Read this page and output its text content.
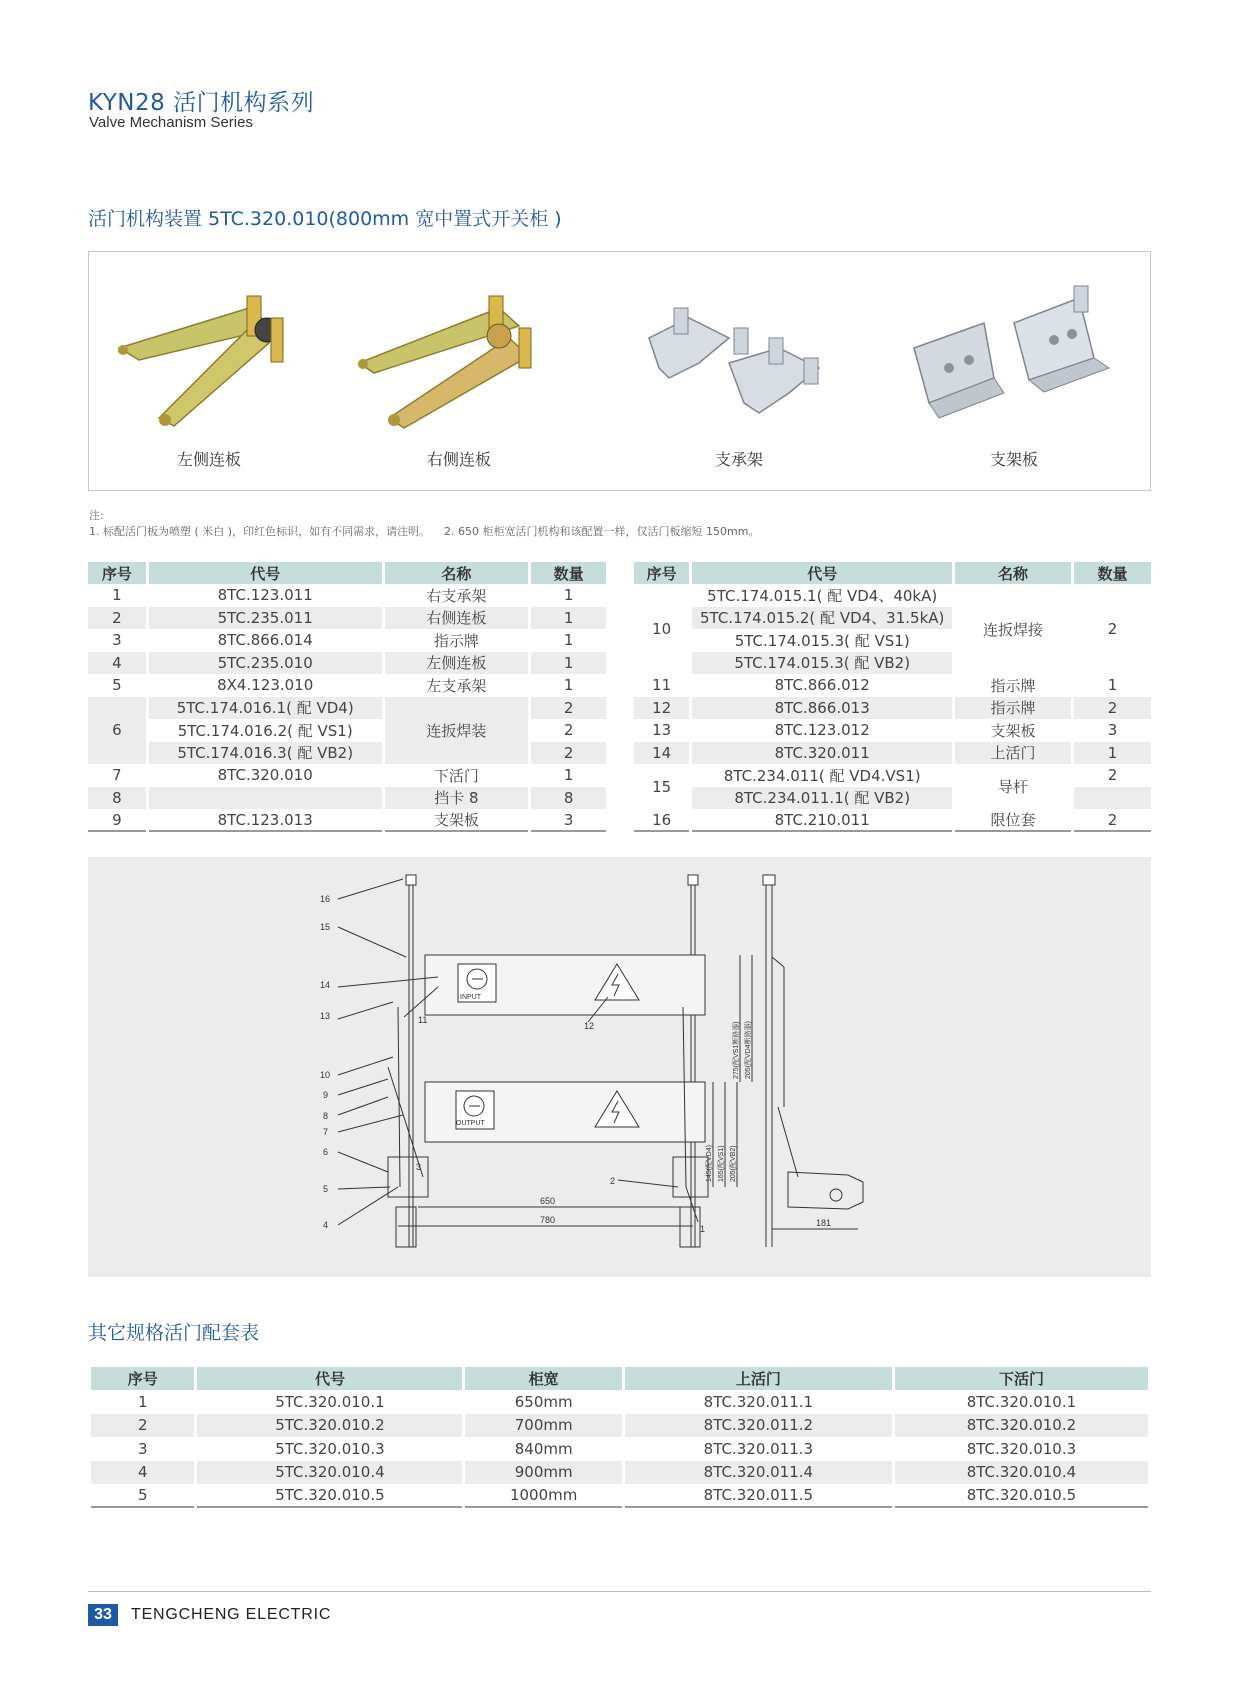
KYN28 活门机构系列
Valve Mechanism Series
活门机构装置 5TC.320.010(800mm 宽中置式开关柜 )
左侧连板	右侧连板	支承架	支架板
注:
1. 标配活门板为喷塑 ( 米白 )，印红色标识，如有不同需求，请注明。    2. 650 柜柜宽活门机构和该配置一样，仅活门板缩短 150mm。
序号	代号	名称	数量
1	8TC.123.011	右支承架	1
2	5TC.235.011	右侧连板	1
3	8TC.866.014	指示牌	1
4	5TC.235.010	左侧连板	1
5	8X4.123.010	左支承架	1
6	5TC.174.016.1( 配 VD4)	连扳焊装	2
	5TC.174.016.2( 配 VS1)		2
	5TC.174.016.3( 配 VB2)		2
7	8TC.320.010	下活门	1
8		挡卡 8	8
9	8TC.123.013	支架板	3
序号	代号	名称	数量
10	5TC.174.015.1( 配 VD4、40kA)	连扳焊接	2
	5TC.174.015.2( 配 VD4、31.5kA)		
	5TC.174.015.3( 配 VS1)		
	5TC.174.015.3( 配 VB2)		
11	8TC.866.012	指示牌	1
12	8TC.866.013	指示牌	2
13	8TC.123.012	支架板	3
14	8TC.320.011	上活门	1
15	8TC.234.011( 配 VD4.VS1)	导杆	2
	8TC.234.011.1( 配 VB2)		
16	8TC.210.011	限位套	2
16
15
14
13
10
9
8
7
6
5
4
11
12
3
2
1
INPUT
OUTPUT
650
780	181
275(配VS1断路器) 205(配VD4断路器)
145(配VD4) 165(配VS1) 205(配VB2)
其它规格活门配套表
序号	代号	柜宽	上活门	下活门
1	5TC.320.010.1	650mm	8TC.320.011.1	8TC.320.010.1
2	5TC.320.010.2	700mm	8TC.320.011.2	8TC.320.010.2
3	5TC.320.010.3	840mm	8TC.320.011.3	8TC.320.010.3
4	5TC.320.010.4	900mm	8TC.320.011.4	8TC.320.010.4
5	5TC.320.010.5	1000mm	8TC.320.011.5	8TC.320.010.5
33	TENGCHENG ELECTRIC
